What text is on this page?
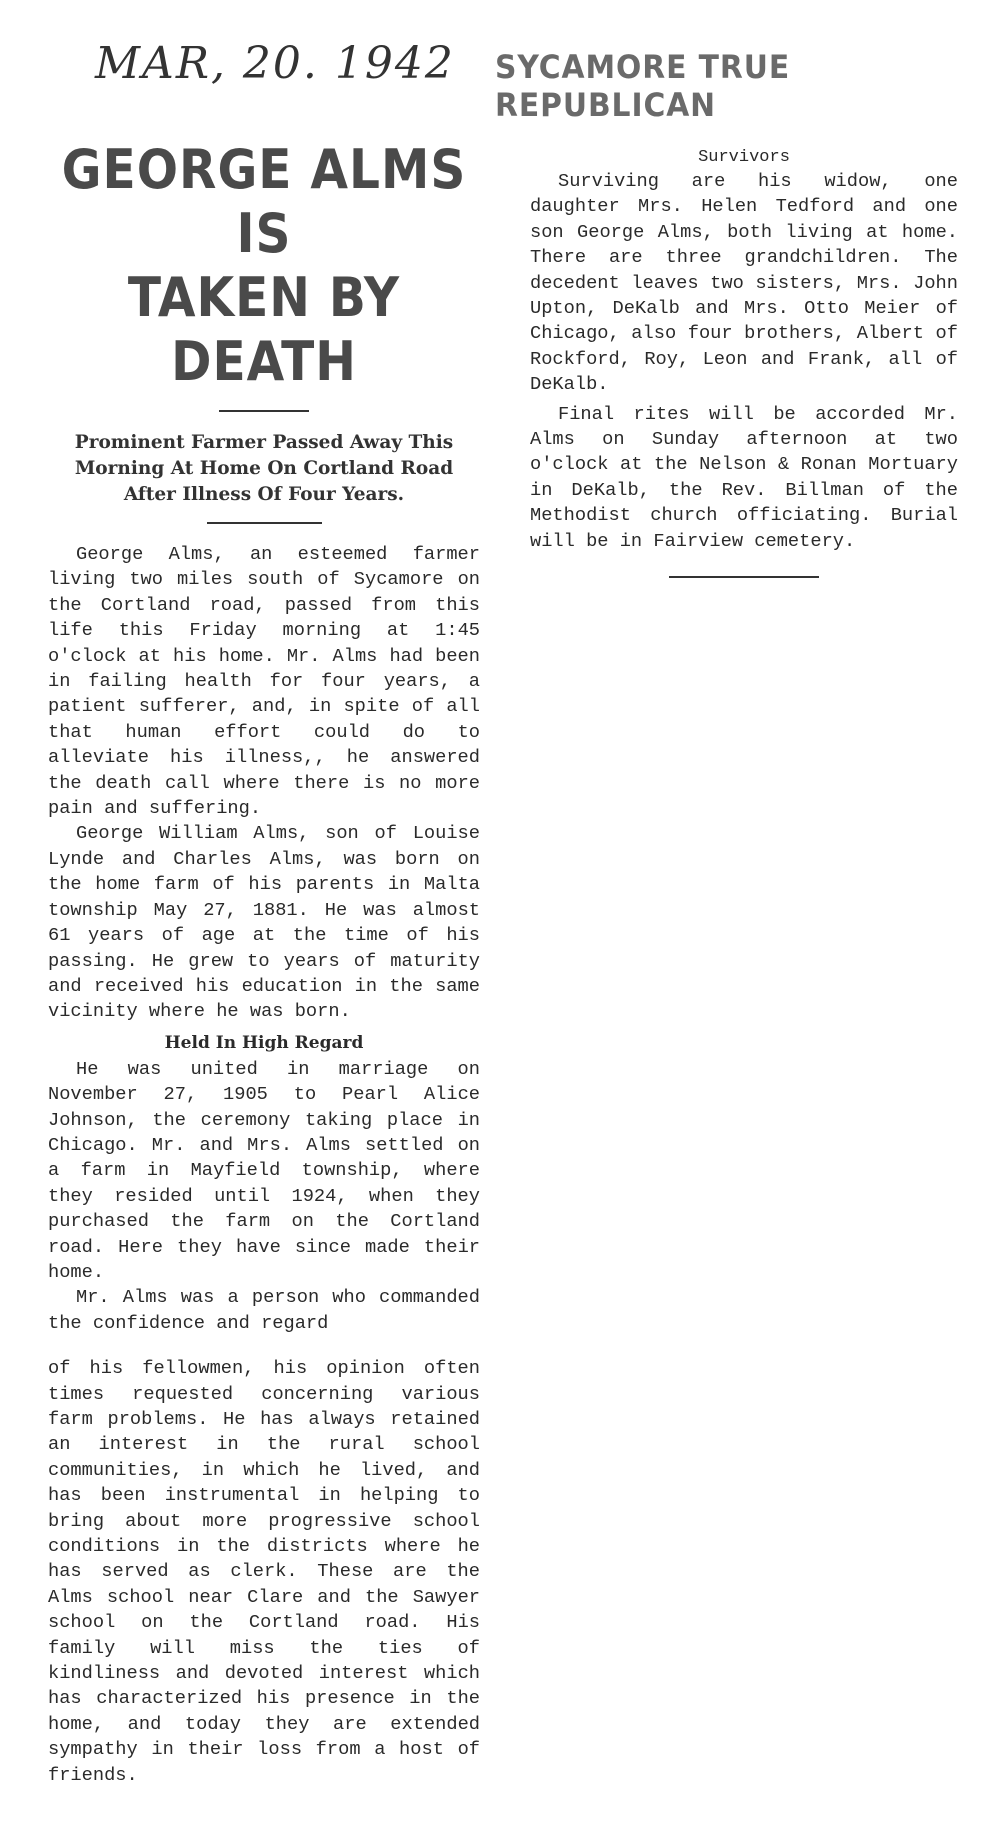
MAR, 20. 1942 SYCAMORE TRUE REPUBLICAN
GEORGE ALMS IS
TAKEN BY DEATH

Prominent Farmer Passed Away This Morning At Home On Cortland Road After Illness Of Four Years.

George Alms, an esteemed farmer living two miles south of Sycamore on the Cortland road, passed from this life this Friday morning at 1:45 o'clock at his home. Mr. Alms had been in failing health for four years, a patient sufferer, and, in spite of all that human effort could do to alleviate his illness,, he answered the death call where there is no more pain and suffering.

George William Alms, son of Louise Lynde and Charles Alms, was born on the home farm of his parents in Malta township May 27, 1881. He was almost 61 years of age at the time of his passing. He grew to years of maturity and received his education in the same vicinity where he was born.

Held In High Regard

He was united in marriage on November 27, 1905 to Pearl Alice Johnson, the ceremony taking place in Chicago. Mr. and Mrs. Alms settled on a farm in Mayfield township, where they resided until 1924, when they purchased the farm on the Cortland road. Here they have since made their home.

Mr. Alms was a person who commanded the confidence and regard

of his fellowmen, his opinion often times requested concerning various farm problems. He has always retained an interest in the rural school communities, in which he lived, and has been instrumental in helping to bring about more progressive school conditions in the districts where he has served as clerk. These are the Alms school near Clare and the Sawyer school on the Cortland road. His family will miss the ties of kindliness and devoted interest which has characterized his presence in the home, and today they are extended sympathy in their loss from a host of friends.

Survivors

Surviving are his widow, one daughter Mrs. Helen Tedford and one son George Alms, both living at home. There are three grandchildren. The decedent leaves two sisters, Mrs. John Upton, DeKalb and Mrs. Otto Meier of Chicago, also four brothers, Albert of Rockford, Roy, Leon and Frank, all of DeKalb.

Final rites will be accorded Mr. Alms on Sunday afternoon at two o'clock at the Nelson & Ronan Mortuary in DeKalb, the Rev. Billman of the Methodist church officiating. Burial will be in Fairview cemetery.
